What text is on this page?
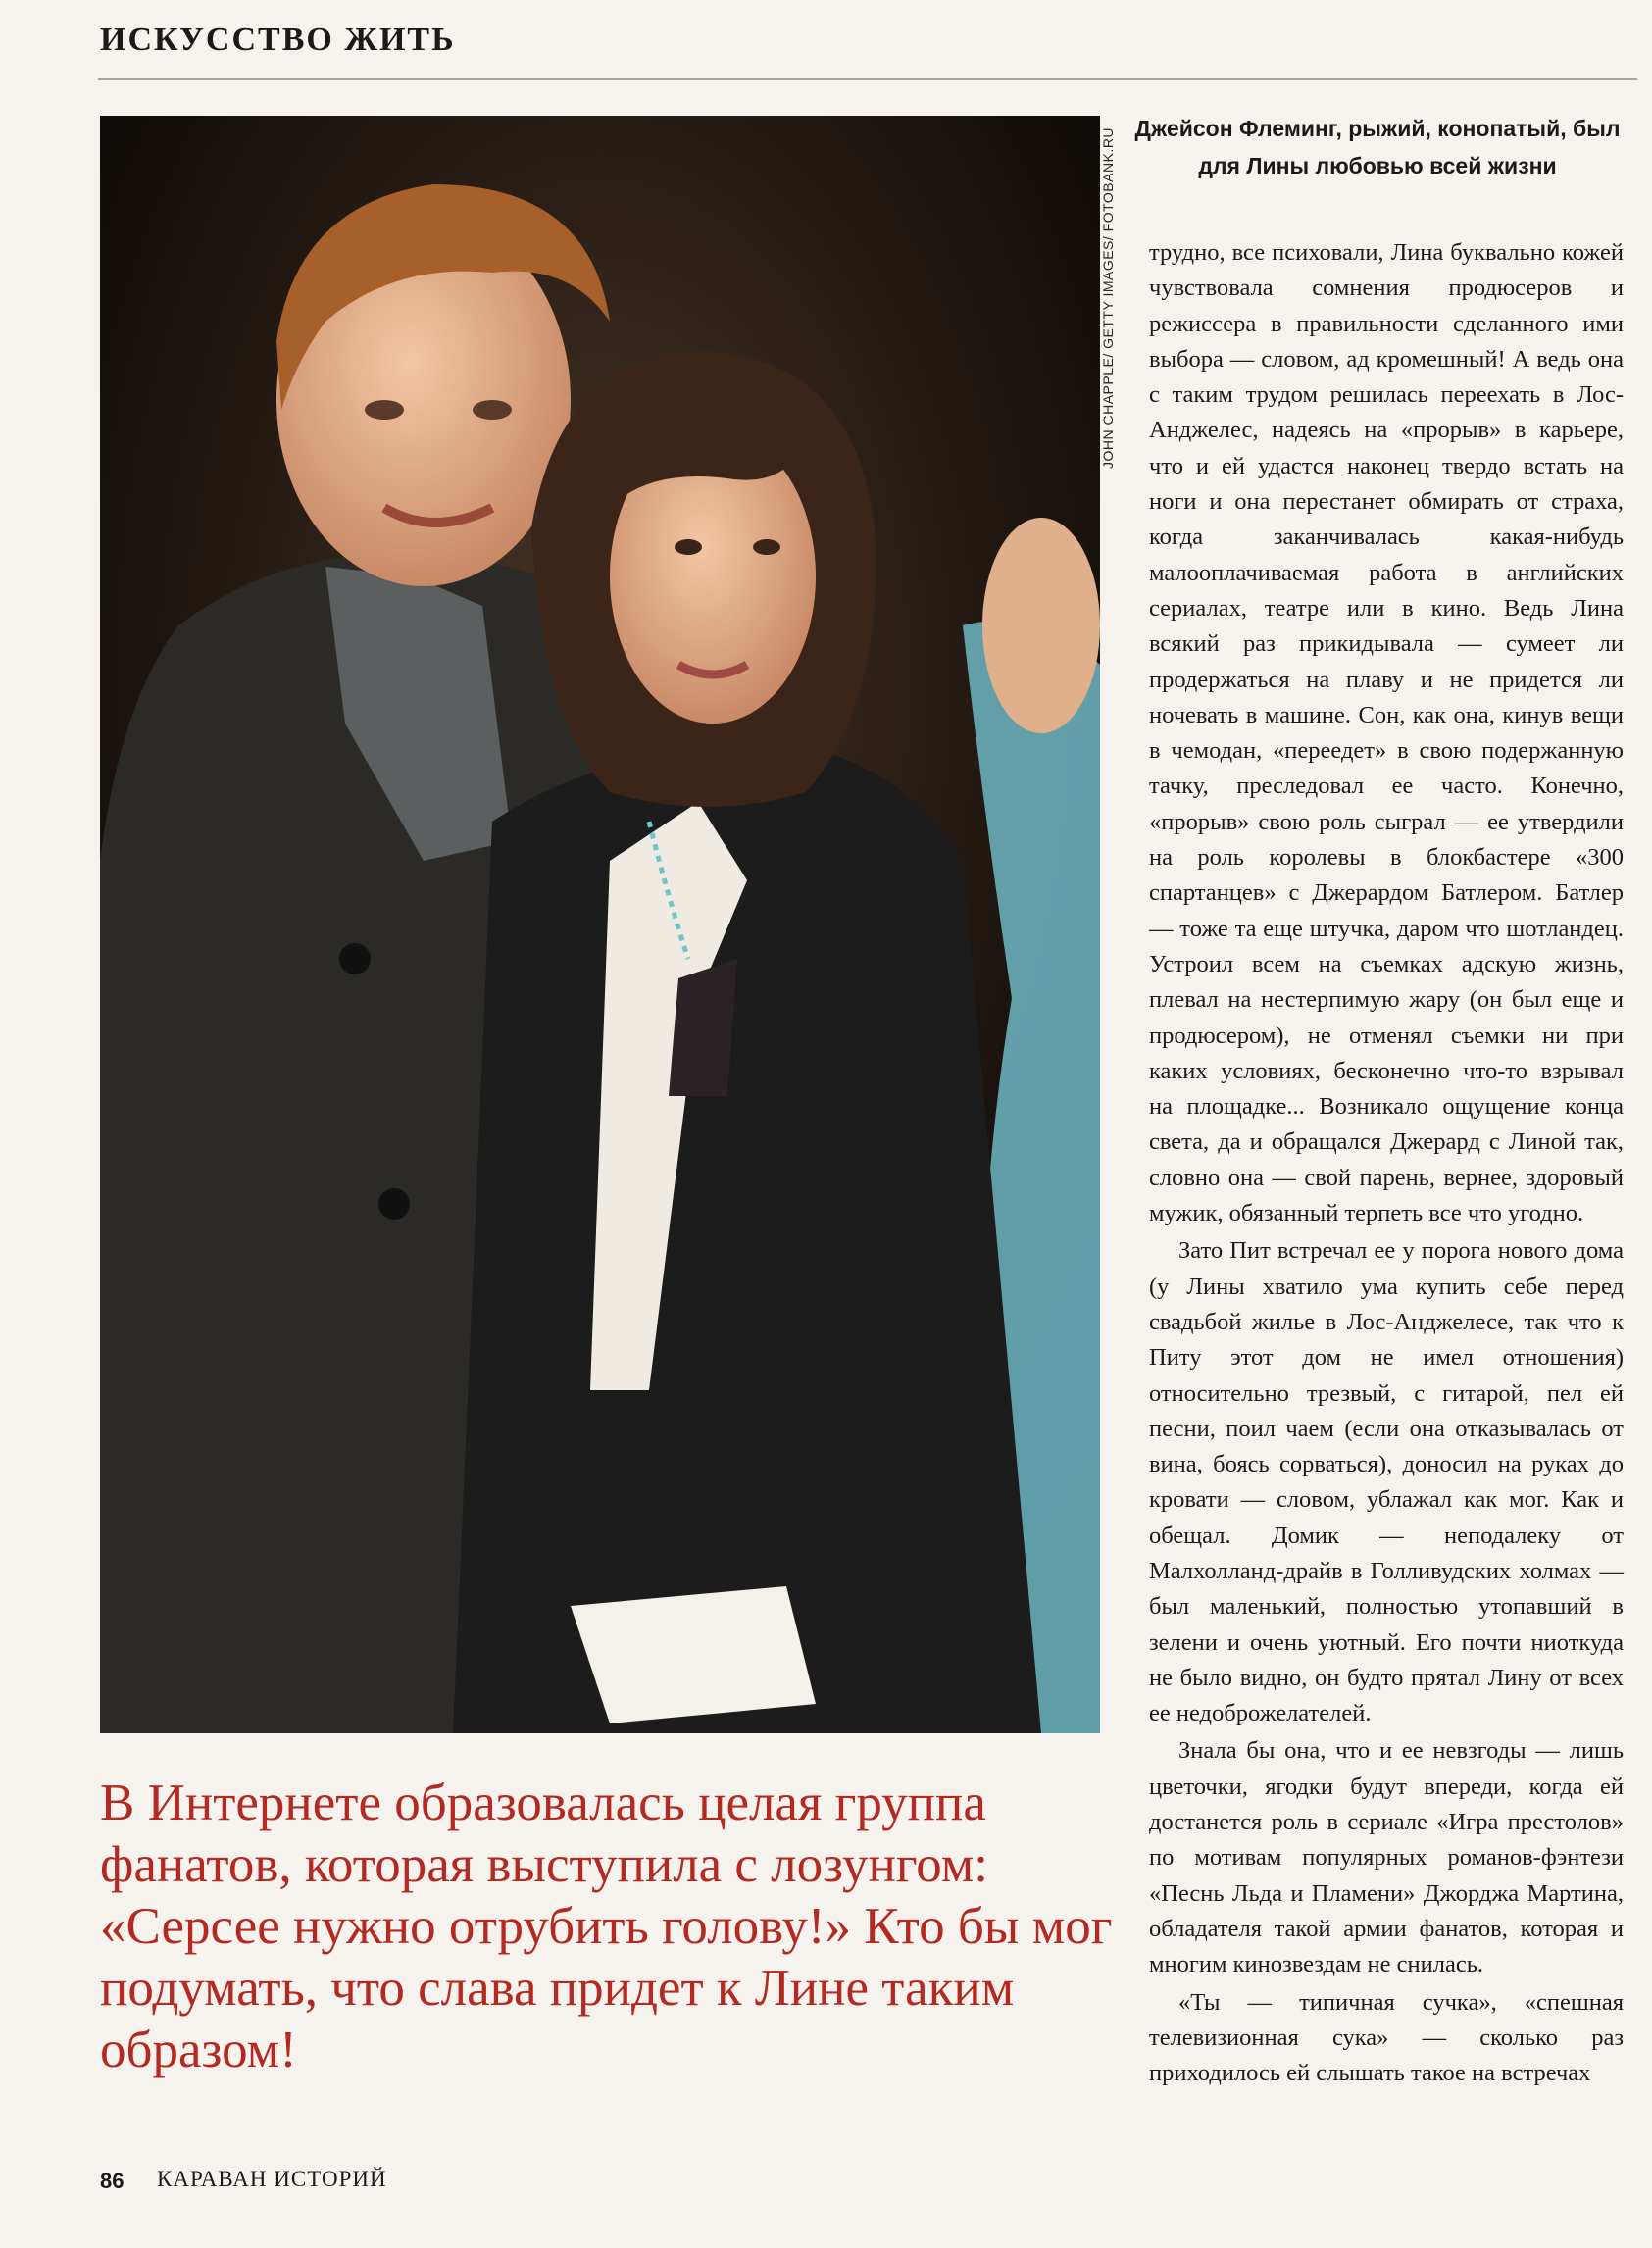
ИСКУССТВО ЖИТЬ
JOHN CHAPPLE/ GETTY IMAGES/ FOTOBANK.RU Джейсон Флеминг, рыжий, конопатый, был для Лины любовью всей жизни

трудно, все психовали, Лина буквально кожей чувствовала сомнения продюсеров и режиссера в правильности сделанного ими выбора — словом, ад кромешный! А ведь она с таким трудом решилась переехать в Лос-Анджелес, надеясь на «прорыв» в карьере, что и ей удастся наконец твердо встать на ноги и она перестанет обмирать от страха, когда заканчивалась какая-нибудь малооплачиваемая работа в английских сериалах, театре или в кино. Ведь Лина всякий раз прикидывала — сумеет ли продержаться на плаву и не придется ли ночевать в машине. Сон, как она, кинув вещи в чемодан, «переедет» в свою подержанную тачку, преследовал ее часто. Конечно, «прорыв» свою роль сыграл — ее утвердили на роль королевы в блокбастере «300 спартанцев» с Джерардом Батлером. Батлер — тоже та еще штучка, даром что шотландец. Устроил всем на съемках адскую жизнь, плевал на нестерпимую жару (он был еще и продюсером), не отменял съемки ни при каких условиях, бесконечно что-то взрывал на площадке... Возникало ощущение конца света, да и обращался Джерард с Линой так, словно она — свой парень, вернее, здоровый мужик, обязанный терпеть все что угодно.

Зато Пит встречал ее у порога нового дома (у Лины хватило ума купить себе перед свадьбой жилье в Лос-Анджелесе, так что к Питу этот дом не имел отношения) относительно трезвый, с гитарой, пел ей песни, поил чаем (если она отказывалась от вина, боясь сорваться), доносил на руках до кровати — словом, ублажал как мог. Как и обещал. Домик — неподалеку от Малхолланд-драйв в Голливудских холмах — был маленький, полностью утопавший в зелени и очень уютный. Его почти ниоткуда не было видно, он будто прятал Лину от всех ее недоброжелателей.

Знала бы она, что и ее невзгоды — лишь цветочки, ягодки будут впереди, когда ей достанется роль в сериале «Игра престолов» по мотивам популярных романов-фэнтези «Песнь Льда и Пламени» Джорджа Мартина, обладателя такой армии фанатов, которая и многим кинозвездам не снилась.

«Ты — типичная сучка», «спешная телевизионная сука» — сколько раз приходилось ей слышать такое на встречах

В Интернете образовалась целая группа фанатов, которая выступила с лозунгом: «Серсее нужно отрубить голову!» Кто бы мог подумать, что слава придет к Лине таким образом!
86 КАРАВАН ИСТОРИЙ
